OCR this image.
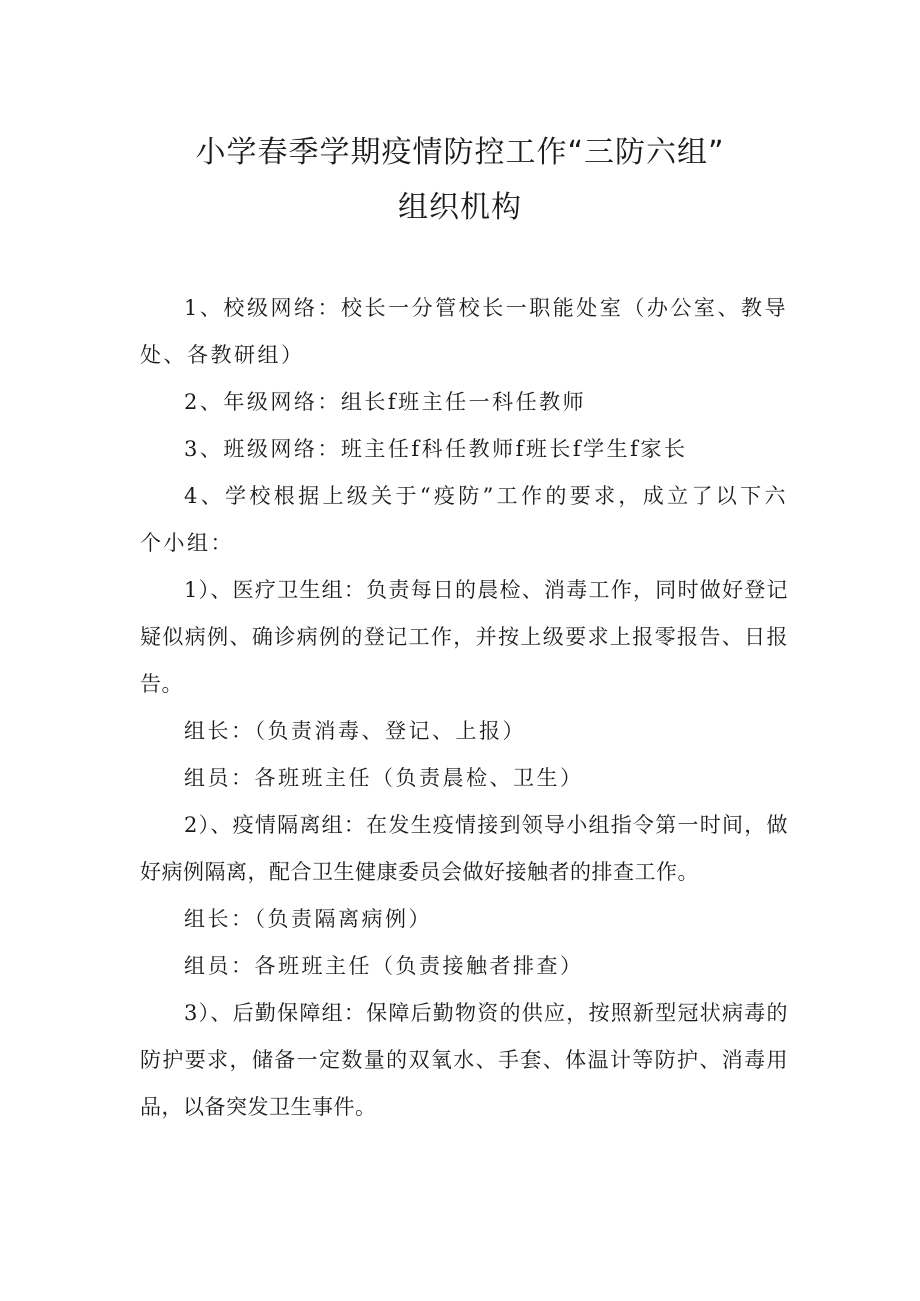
小学春季学期疫情防控工作“三防六组”
组织机构

1、校级网络：校长一分管校长一职能处室（办公室、教导处、各教研组）

2、年级网络：组长f班主任一科任教师

3、班级网络：班主任f科任教师f班长f学生f家长

4、学校根据上级关于“疫防”工作的要求，成立了以下六个小组：

1）、医疗卫生组：负责每日的晨检、消毒工作，同时做好登记疑似病例、确诊病例的登记工作，并按上级要求上报零报告、日报告。

组长：（负责消毒、登记、上报）

组员：各班班主任（负责晨检、卫生）

2）、疫情隔离组：在发生疫情接到领导小组指令第一时间，做好病例隔离，配合卫生健康委员会做好接触者的排查工作。

组长：（负责隔离病例）

组员：各班班主任（负责接触者排查）

3）、后勤保障组：保障后勤物资的供应，按照新型冠状病毒的防护要求，储备一定数量的双氧水、手套、体温计等防护、消毒用品，以备突发卫生事件。
